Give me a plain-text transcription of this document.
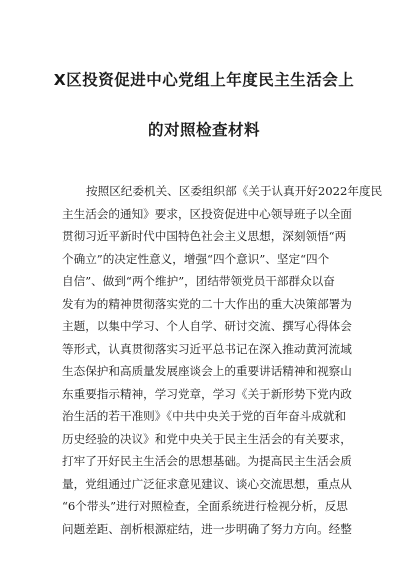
X区投资促进中心党组上年度民主生活会上
的对照检查材料
按照区纪委机关、区委组织部《关于认真开好2022年度民
主生活会的通知》要求，区投资促进中心领导班子以全面
贯彻习近平新时代中国特色社会主义思想，深刻领悟“两
个确立”的决定性意义，增强“四个意识”、坚定“四个
自信”、做到“两个维护”，团结带领党员干部群众以奋
发有为的精神贯彻落实党的二十大作出的重大决策部署为
主题，以集中学习、个人自学、研讨交流、撰写心得体会
等形式，认真贯彻落实习近平总书记在深入推动黄河流域
生态保护和高质量发展座谈会上的重要讲话精神和视察山
东重要指示精神，学习党章，学习《关于新形势下党内政
治生活的若干准则》《中共中央关于党的百年奋斗成就和
历史经验的决议》和党中央关于民主生活会的有关要求，
打牢了开好民主生活会的思想基础。为提高民主生活会质
量，党组通过广泛征求意见建议、谈心交流思想，重点从
“6个带头”进行对照检查，全面系统进行检视分析，反思
问题差距、剖析根源症结，进一步明确了努力方向。经整
